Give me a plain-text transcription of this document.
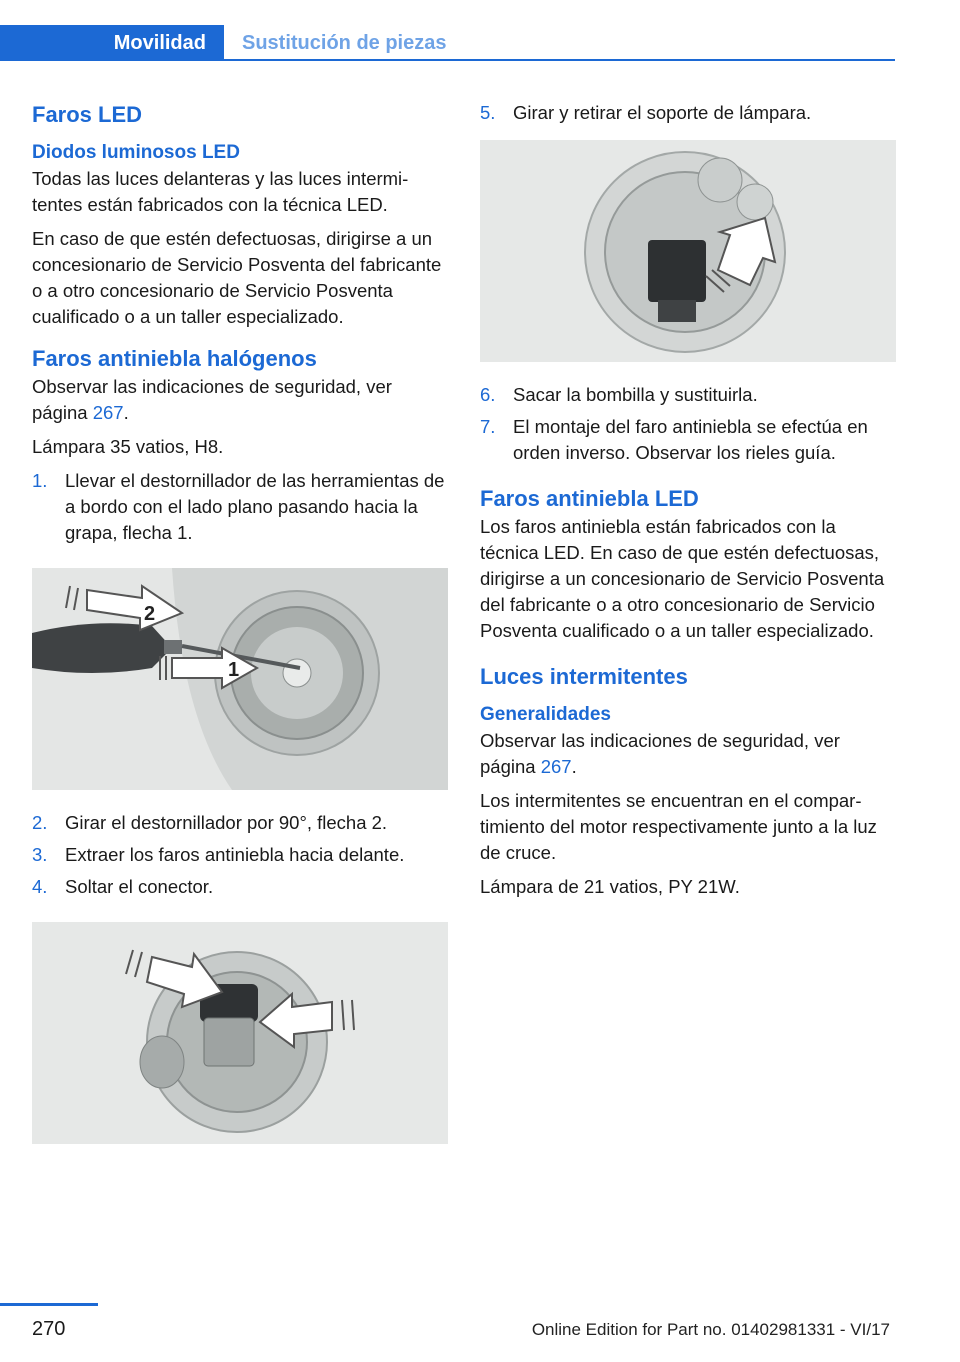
Movilidad	Sustitución de piezas
Faros LED
Diodos luminosos LED

Todas las luces delanteras y las luces intermitentes están fabricados con la técnica LED.

En caso de que estén defectuosas, dirigirse a un concesionario de Servicio Posventa del fabricante o a otro concesionario de Servicio Posventa cualificado o a un taller especializado.

Faros antiniebla halógenos

Observar las indicaciones de seguridad, ver página 267.

Lámpara 35 vatios, H8.

1. Llevar el destornillador de las herramientas de a bordo con el lado plano pasando hacia la grapa, flecha 1.
1
2
2. Girar el destornillador por 90°, flecha 2.
3. Extraer los faros antiniebla hacia delante.
4. Soltar el conector.
5. Girar y retirar el soporte de lámpara.
6. Sacar la bombilla y sustituirla.
7. El montaje del faro antiniebla se efectúa en orden inverso. Observar los rieles guía.
Faros antiniebla LED

Los faros antiniebla están fabricados con la técnica LED. En caso de que estén defectuosas, dirigirse a un concesionario de Servicio Posventa del fabricante o a otro concesionario de Servicio Posventa cualificado o a un taller especializado.

Luces intermitentes
Generalidades

Observar las indicaciones de seguridad, ver página 267.

Los intermitentes se encuentran en el compartimiento del motor respectivamente junto a la luz de cruce.

Lámpara de 21 vatios, PY 21W.

270	Online Edition for Part no. 01402981331 - VI/17
